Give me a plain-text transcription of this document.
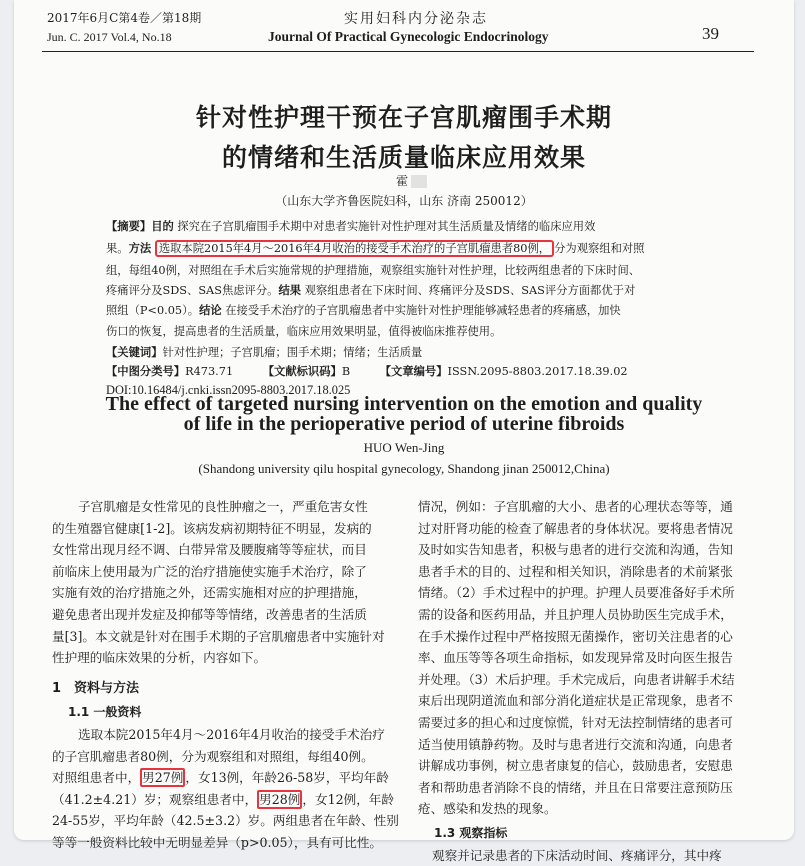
2017年6月C第4卷／第18期
Jun. C. 2017 Vol.4, No.18
实用妇科内分泌杂志
Journal Of Practical Gynecologic Endocrinology	39
针对性护理干预在子宫肌瘤围手术期
的情绪和生活质量临床应用效果
霍
（山东大学齐鲁医院妇科，山东 济南 250012）
【摘要】目的 探究在子宫肌瘤围手术期中对患者实施针对性护理对其生活质量及情绪的临床应用效
果。方法 选取本院2015年4月～2016年4月收治的接受手术治疗的子宫肌瘤患者80例， 分为观察组和对照
组，每组40例，对照组在手术后实施常规的护理措施，观察组实施针对性护理，比较两组患者的下床时间、
疼痛评分及SDS、SAS焦虑评分。结果 观察组患者在下床时间、疼痛评分及SDS、SAS评分方面都优于对
照组（P<0.05）。结论 在接受手术治疗的子宫肌瘤患者中实施针对性护理能够减轻患者的疼痛感，加快
伤口的恢复，提高患者的生活质量，临床应用效果明显，值得被临床推荐使用。
【关键词】针对性护理；子宫肌瘤；围手术期；情绪；生活质量
【中图分类号】R473.71	【文献标识码】B	【文章编号】ISSN.2095-8803.2017.18.39.02
DOI:10.16484/j.cnki.issn2095-8803.2017.18.025
The effect of targeted nursing intervention on the emotion and quality
of life in the perioperative period of uterine fibroids
HUO Wen-Jing
(Shandong university qilu hospital gynecology, Shandong jinan 250012,China)
子宫肌瘤是女性常见的良性肿瘤之一，严重危害女性
的生殖器官健康[1-2]。该病发病初期特征不明显，发病的
女性常出现月经不调、白带异常及腰腹痛等等症状，而目
前临床上使用最为广泛的治疗措施使实施手术治疗，除了
实施有效的治疗措施之外，还需实施相对应的护理措施，
避免患者出现并发症及抑郁等等情绪，改善患者的生活质
量[3]。本文就是针对在围手术期的子宫肌瘤患者中实施针对
性护理的临床效果的分析，内容如下。
1　资料与方法
1.1 一般资料
选取本院2015年4月～2016年4月收治的接受手术治疗
的子宫肌瘤患者80例，分为观察组和对照组，每组40例。
对照组患者中， 男27例 ，女13例，年龄26-58岁，平均年龄
（41.2±4.21）岁；观察组患者中， 男28例 ，女12例，年龄
24-55岁，平均年龄（42.5±3.2）岁。两组患者在年龄、性别
等等一般资料比较中无明显差异（p>0.05），具有可比性。
情况，例如：子宫肌瘤的大小、患者的心理状态等等，通
过对肝肾功能的检查了解患者的身体状况。要将患者情况
及时如实告知患者，积极与患者的进行交流和沟通，告知
患者手术的目的、过程和相关知识，消除患者的术前紧张
情绪。（2）手术过程中的护理。护理人员要准备好手术所
需的设备和医药用品，并且护理人员协助医生完成手术，
在手术操作过程中严格按照无菌操作，密切关注患者的心
率、血压等等各项生命指标，如发现异常及时向医生报告
并处理。（3）术后护理。手术完成后，向患者讲解手术结
束后出现阴道流血和部分消化道症状是正常现象，患者不
需要过多的担心和过度惊慌，针对无法控制情绪的患者可
适当使用镇静药物。及时与患者进行交流和沟通，向患者
讲解成功事例，树立患者康复的信心，鼓励患者，安慰患
者和帮助患者消除不良的情绪，并且在日常要注意预防压
疮、感染和发热的现象。
1.3 观察指标
观察并记录患者的下床活动时间、疼痛评分，其中疼
